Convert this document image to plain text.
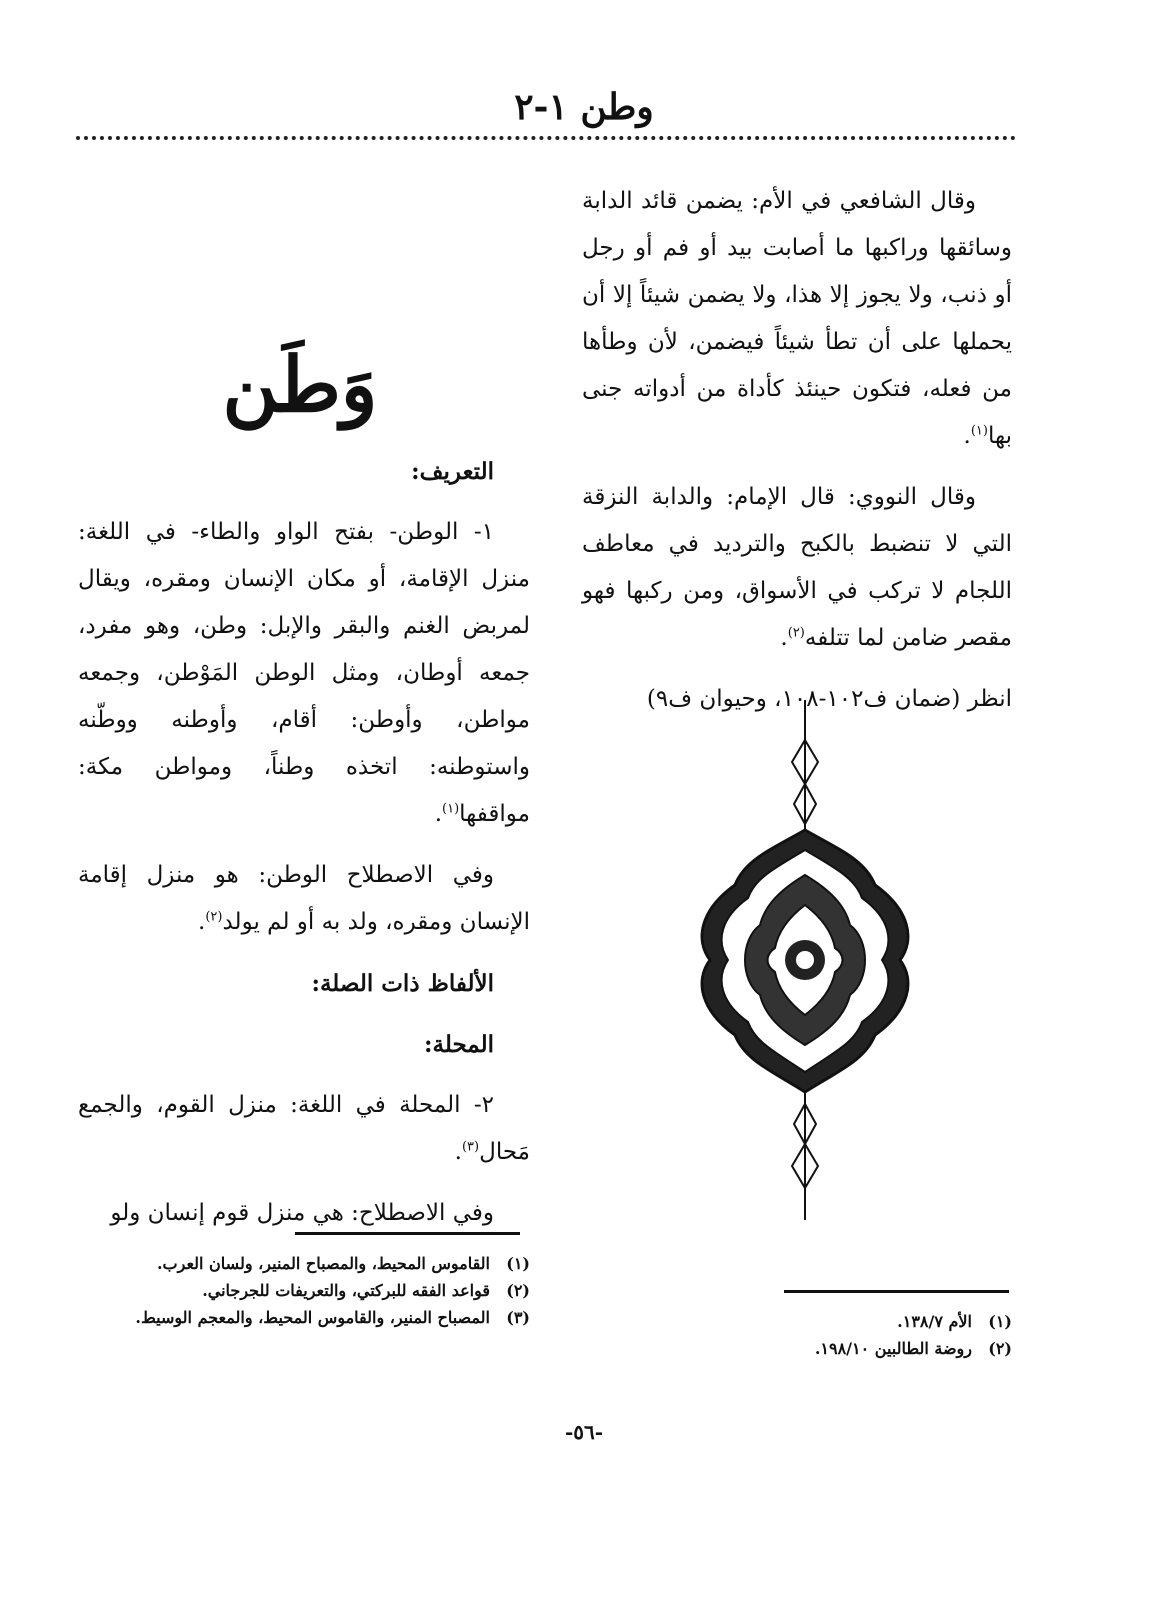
وطن ١-٢

وقال الشافعي في الأم: يضمن قائد الدابة وسائقها وراكبها ما أصابت بيد أو فم أو رجل أو ذنب، ولا يجوز إلا هذا، ولا يضمن شيئاً إلا أن يحملها على أن تطأ شيئاً فيضمن، لأن وطأها من فعله، فتكون حينئذ كأداة من أدواته جنى بها$^{(١)}$.

وقال النووي: قال الإمام: والدابة النزقة التي لا تنضبط بالكبح والترديد في معاطف اللجام لا تركب في الأسواق، ومن ركبها فهو مقصر ضامن لما تتلفه$^{(٢)}$.

انظر (ضمان ف١٠٢-١٠٨، وحيوان ف٩)

وَطَن

التعريف:

١- الوطن- بفتح الواو والطاء- في اللغة: منزل الإقامة، أو مكان الإنسان ومقره، ويقال لمربض الغنم والبقر والإبل: وطن، وهو مفرد، جمعه أوطان، ومثل الوطن المَوْطن، وجمعه مواطن، وأوطن: أقام، وأوطنه ووطّنه واستوطنه: اتخذه وطناً، ومواطن مكة: مواقفها$^{(١)}$.

وفي الاصطلاح الوطن: هو منزل إقامة الإنسان ومقره، ولد به أو لم يولد$^{(٢)}$.

الألفاظ ذات الصلة:

المحلة:

٢- المحلة في اللغة: منزل القوم، والجمع مَحال$^{(٣)}$.

وفي الاصطلاح: هي منزل قوم إنسان ولو

(١)
القاموس المحيط، والمصباح المنير، ولسان العرب.
(٢)
قواعد الفقه للبركتي، والتعريفات للجرجاني.
(٣)
المصباح المنير، والقاموس المحيط، والمعجم الوسيط.	(١)
الأم ١٣٨/٧.
(٢)
روضة الطالبين ١٩٨/١٠.
-٥٦-
